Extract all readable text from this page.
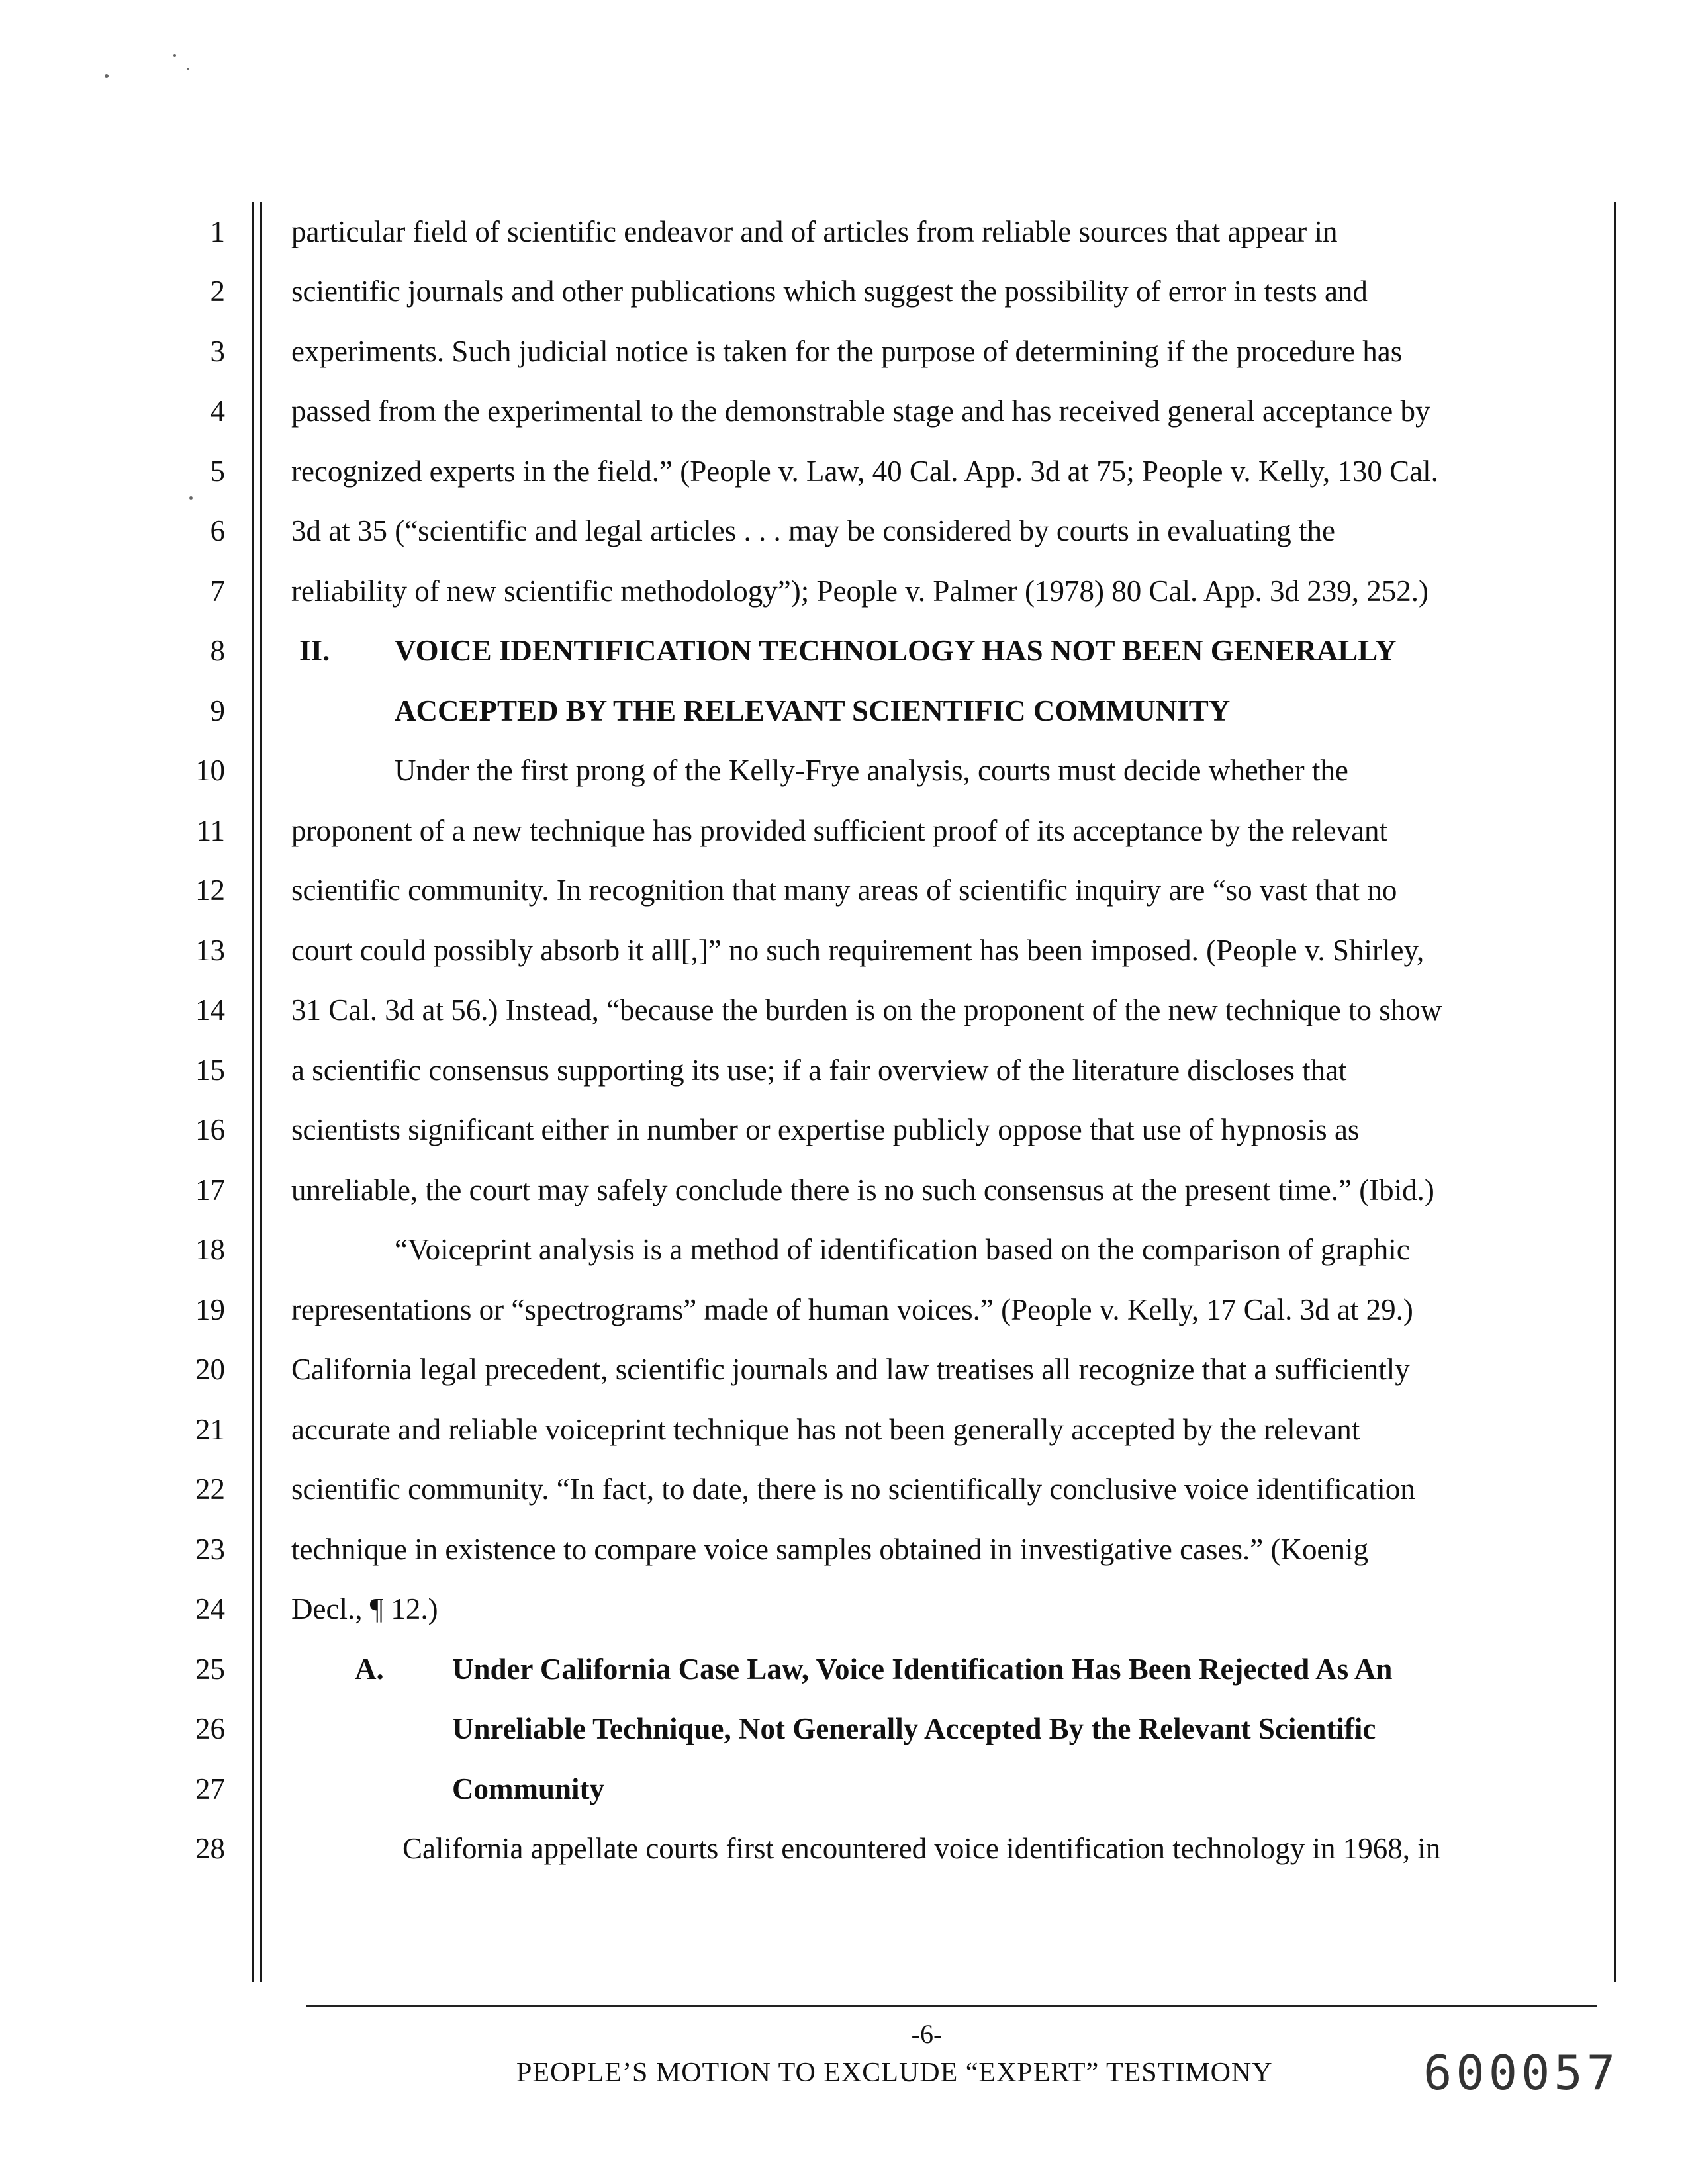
1
2
3
4
5
6
7
8
9
10
11
12
13
14
15
16
17
18
19
20
21
22
23
24
25
26
27
28
particular field of scientific endeavor and of articles from reliable sources that appear in
scientific journals and other publications which suggest the possibility of error in tests and
experiments. Such judicial notice is taken for the purpose of determining if the procedure has
passed from the experimental to the demonstrable stage and has received general acceptance by
recognized experts in the field.” (People v. Law, 40 Cal. App. 3d at 75; People v. Kelly, 130 Cal.
3d at 35 (“scientific and legal articles . . . may be considered by courts in evaluating the
reliability of new scientific methodology”); People v. Palmer (1978) 80 Cal. App. 3d 239, 252.)
II. VOICE IDENTIFICATION TECHNOLOGY HAS NOT BEEN GENERALLY
ACCEPTED BY THE RELEVANT SCIENTIFIC COMMUNITY
Under the first prong of the Kelly-Frye analysis, courts must decide whether the
proponent of a new technique has provided sufficient proof of its acceptance by the relevant
scientific community. In recognition that many areas of scientific inquiry are “so vast that no
court could possibly absorb it all[,]” no such requirement has been imposed. (People v. Shirley,
31 Cal. 3d at 56.) Instead, “because the burden is on the proponent of the new technique to show
a scientific consensus supporting its use; if a fair overview of the literature discloses that
scientists significant either in number or expertise publicly oppose that use of hypnosis as
unreliable, the court may safely conclude there is no such consensus at the present time.” (Ibid.)
“Voiceprint analysis is a method of identification based on the comparison of graphic
representations or “spectrograms” made of human voices.” (People v. Kelly, 17 Cal. 3d at 29.)
California legal precedent, scientific journals and law treatises all recognize that a sufficiently
accurate and reliable voiceprint technique has not been generally accepted by the relevant
scientific community. “In fact, to date, there is no scientifically conclusive voice identification
technique in existence to compare voice samples obtained in investigative cases.” (Koenig
Decl., ¶ 12.)
A. Under California Case Law, Voice Identification Has Been Rejected As An
Unreliable Technique, Not Generally Accepted By the Relevant Scientific
Community
California appellate courts first encountered voice identification technology in 1968, in
-6-
PEOPLE’S MOTION TO EXCLUDE “EXPERT” TESTIMONY	600057
